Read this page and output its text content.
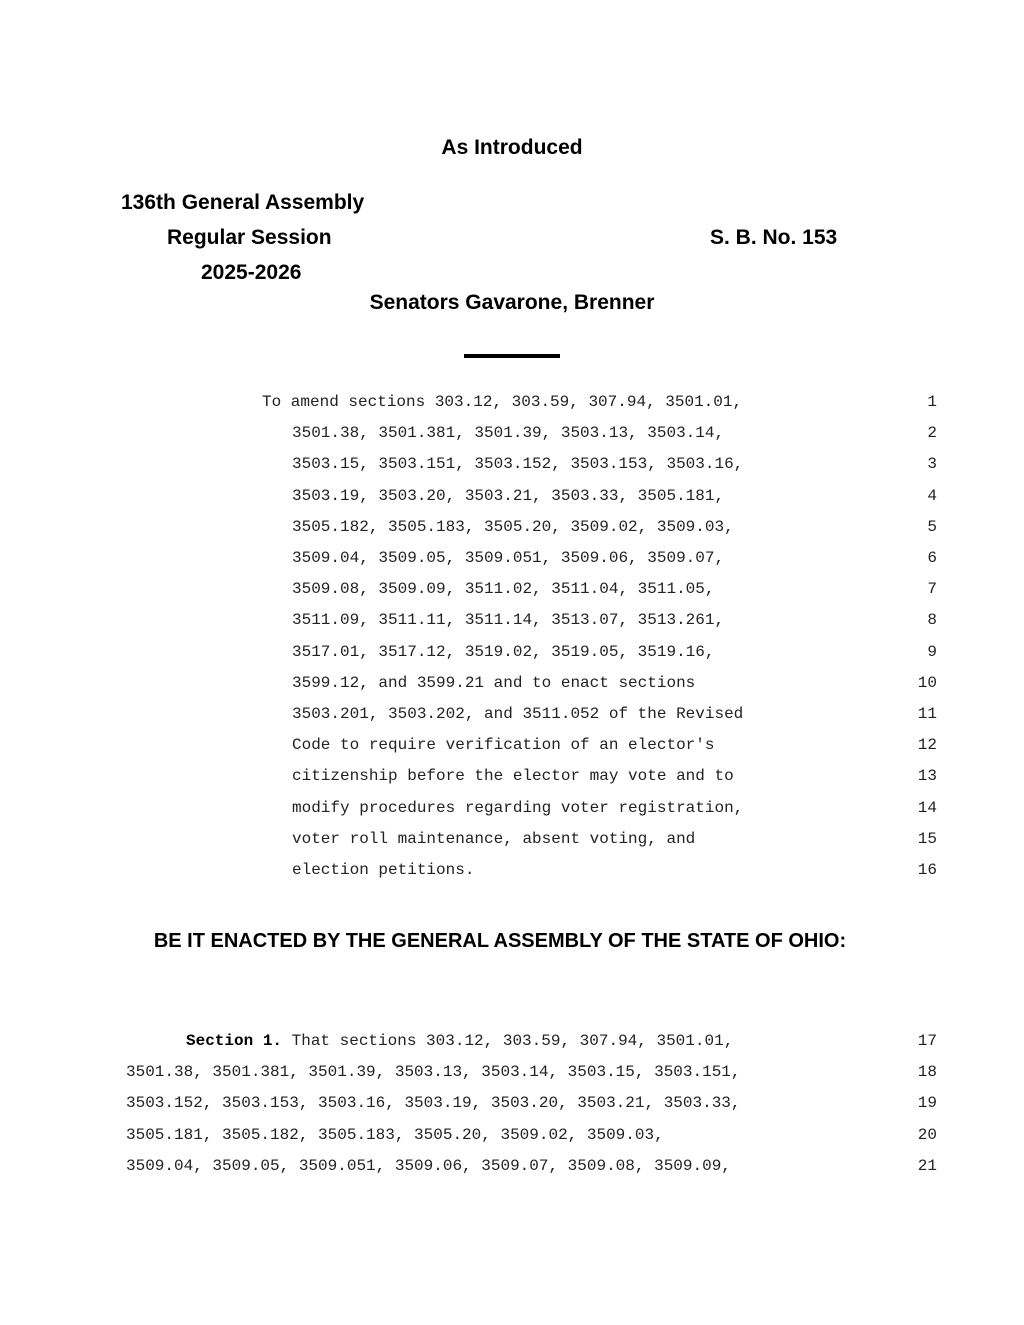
As Introduced
136th General Assembly
Regular Session
2025-2026
S. B. No. 153
Senators Gavarone, Brenner
To amend sections 303.12, 303.59, 307.94, 3501.01,	1
3501.38, 3501.381, 3501.39, 3503.13, 3503.14,	2
3503.15, 3503.151, 3503.152, 3503.153, 3503.16,	3
3503.19, 3503.20, 3503.21, 3503.33, 3505.181,	4
3505.182, 3505.183, 3505.20, 3509.02, 3509.03,	5
3509.04, 3509.05, 3509.051, 3509.06, 3509.07,	6
3509.08, 3509.09, 3511.02, 3511.04, 3511.05,	7
3511.09, 3511.11, 3511.14, 3513.07, 3513.261,	8
3517.01, 3517.12, 3519.02, 3519.05, 3519.16,	9
3599.12, and 3599.21 and to enact sections	10
3503.201, 3503.202, and 3511.052 of the Revised	11
Code to require verification of an elector's	12
citizenship before the elector may vote and to	13
modify procedures regarding voter registration,	14
voter roll maintenance, absent voting, and	15
election petitions.	16
BE IT ENACTED BY THE GENERAL ASSEMBLY OF THE STATE OF OHIO:
Section 1. That sections 303.12, 303.59, 307.94, 3501.01,	17
3501.38, 3501.381, 3501.39, 3503.13, 3503.14, 3503.15, 3503.151,	18
3503.152, 3503.153, 3503.16, 3503.19, 3503.20, 3503.21, 3503.33,	19
3505.181, 3505.182, 3505.183, 3505.20, 3509.02, 3509.03,	20
3509.04, 3509.05, 3509.051, 3509.06, 3509.07, 3509.08, 3509.09,	21
